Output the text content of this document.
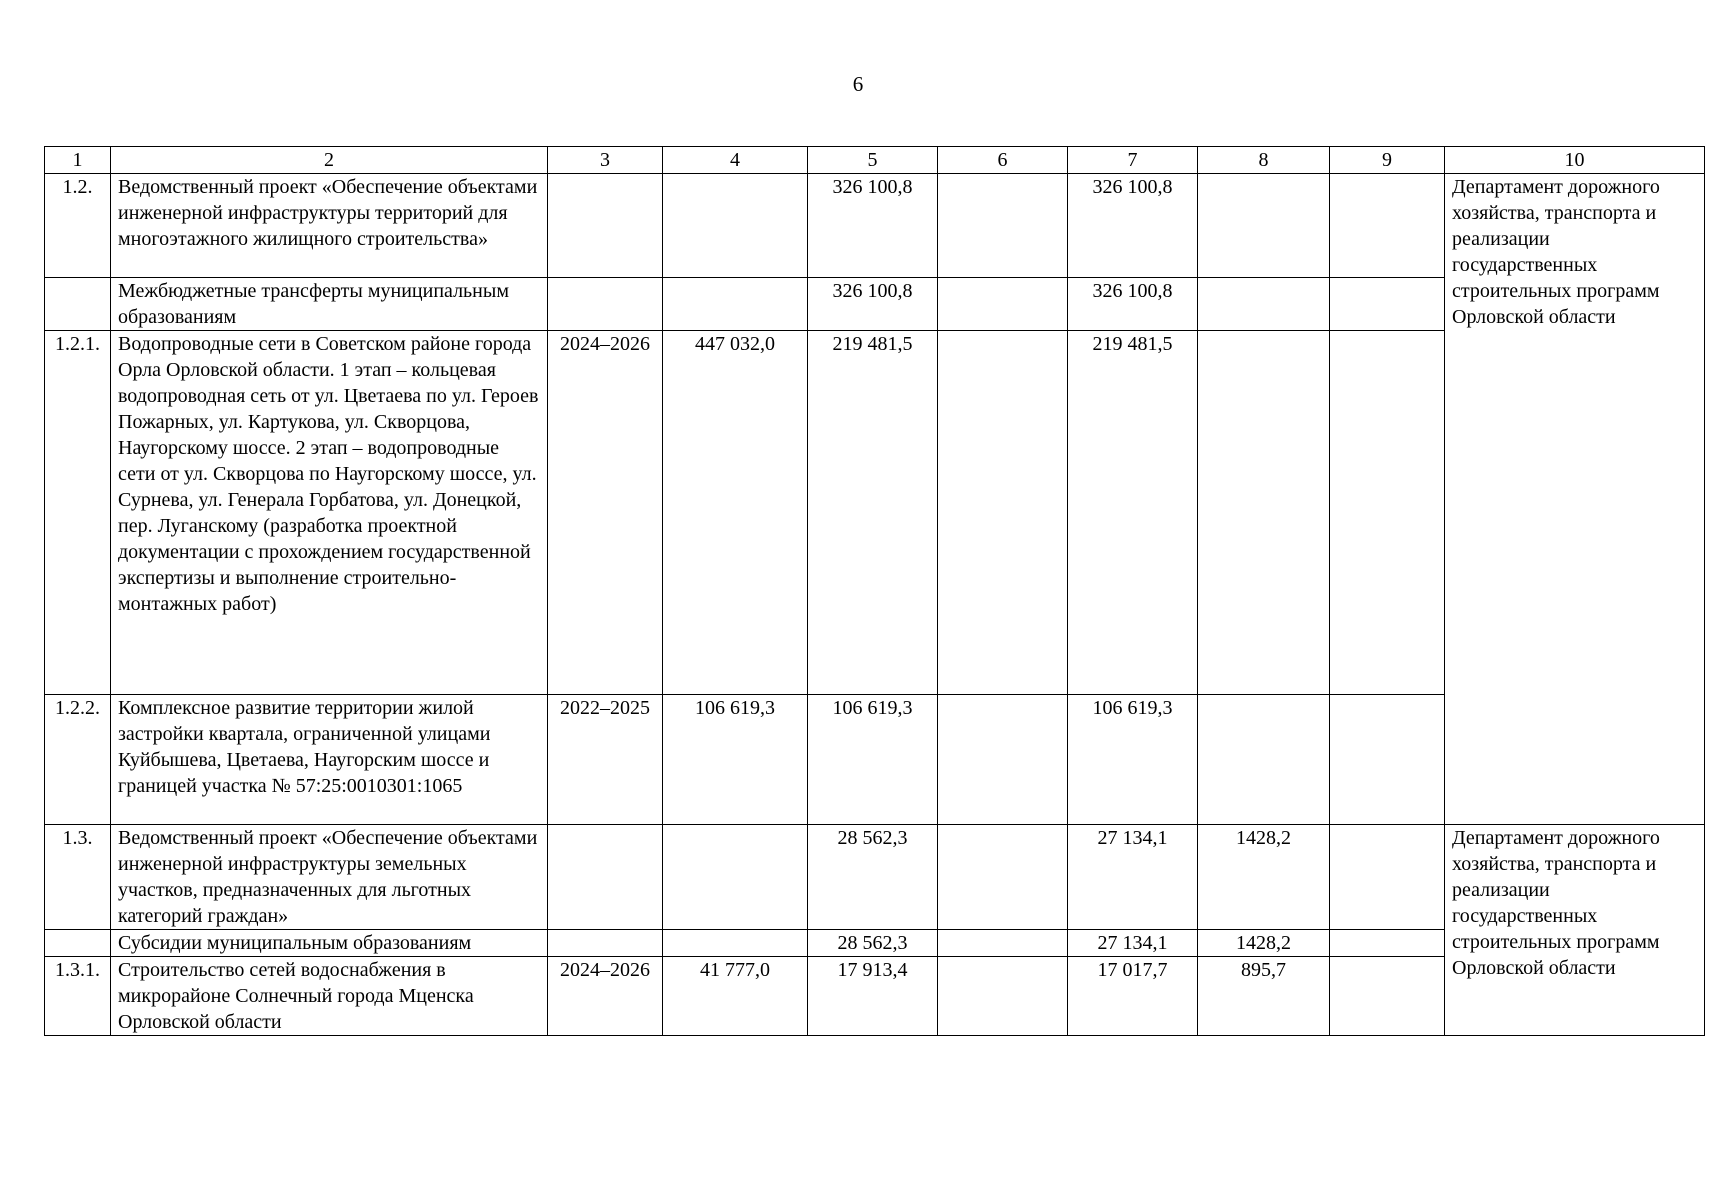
6
1	2	3	4	5	6	7	8	9	10
1.2.	Ведомственный проект «Обеспечение объектами инженерной инфраструктуры территорий для многоэтажного жилищного строительства»			326 100,8		326 100,8			Департамент дорожного хозяйства, транспорта и реализации государственных строительных программ Орловской области
	Межбюджетные трансферты муниципальным образованиям			326 100,8		326 100,8			
1.2.1.	Водопроводные сети в Советском районе города Орла Орловской области. 1 этап – кольцевая водопроводная сеть от ул. Цветаева по ул. Героев Пожарных, ул. Картукова, ул. Скворцова, Наугорскому шоссе. 2 этап – водопроводные сети от ул. Скворцова по Наугорскому шоссе, ул. Сурнева, ул. Генерала Горбатова, ул. Донецкой, пер. Луганскому (разработка проектной документации с прохождением государственной экспертизы и выполнение строительно-монтажных работ)	2024–2026	447 032,0	219 481,5		219 481,5			
1.2.2.	Комплексное развитие территории жилой застройки квартала, ограниченной улицами Куйбышева, Цветаева, Наугорским шоссе и границей участка № 57:25:0010301:1065	2022–2025	106 619,3	106 619,3		106 619,3			
1.3.	Ведомственный проект «Обеспечение объектами инженерной инфраструктуры земельных участков, предназначенных для льготных категорий граждан»			28 562,3		27 134,1	1428,2		Департамент дорожного хозяйства, транспорта и реализации государственных строительных программ Орловской области
	Субсидии муниципальным образованиям			28 562,3		27 134,1	1428,2		
1.3.1.	Строительство сетей водоснабжения в микрорайоне Солнечный города Мценска Орловской области	2024–2026	41 777,0	17 913,4		17 017,7	895,7		
